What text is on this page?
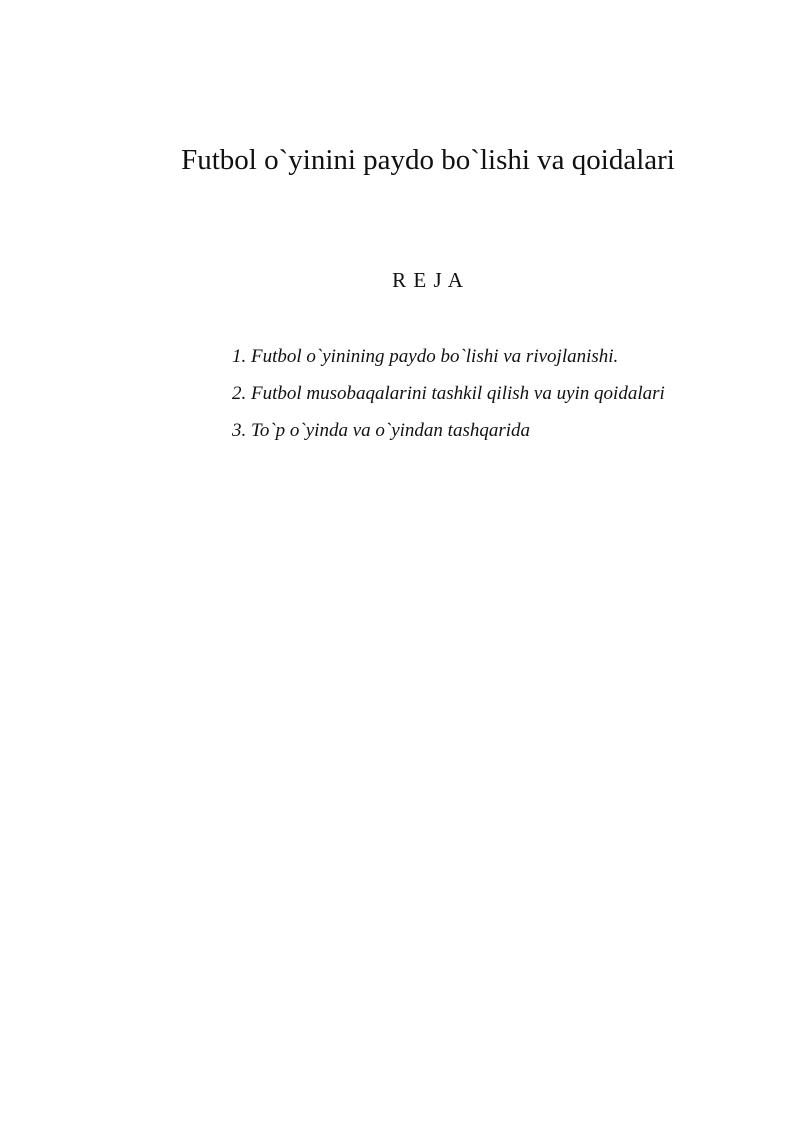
Futbol o`yinini paydo bo`lishi va qoidalari
R E J A
1. Futbol o`yinining paydo bo`lishi va rivojlanishi.
2. Futbol musobaqalarini tashkil qilish va uyin qoidalari
3. To`p o`yinda va o`yindan tashqarida
